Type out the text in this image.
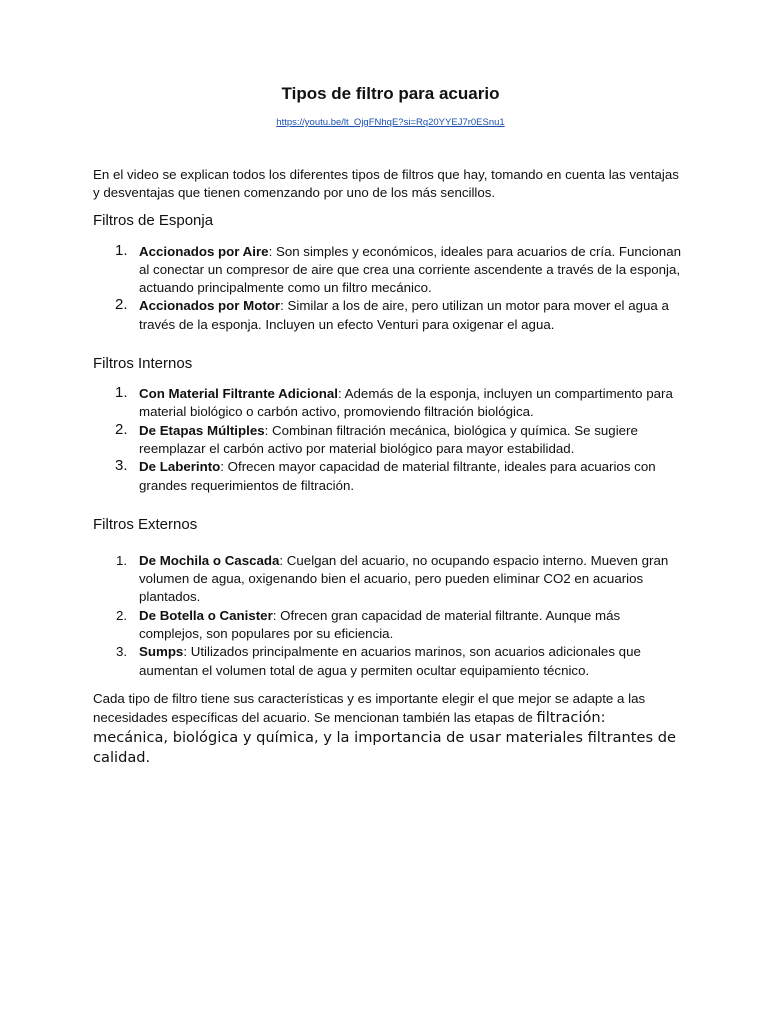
Tipos de filtro para acuario
https://youtu.be/lt_OjgFNhqE?si=Rq20YYEJ7r0ESnu1

En el video se explican todos los diferentes tipos de filtros que hay, tomando en cuenta las ventajas y desventajas que tienen comenzando por uno de los más sencillos.

Filtros de Esponja
1. Accionados por Aire: Son simples y económicos, ideales para acuarios de cría. Funcionan al conectar un compresor de aire que crea una corriente ascendente a través de la esponja, actuando principalmente como un filtro mecánico.
2. Accionados por Motor: Similar a los de aire, pero utilizan un motor para mover el agua a través de la esponja. Incluyen un efecto Venturi para oxigenar el agua.
Filtros Internos
1. Con Material Filtrante Adicional: Además de la esponja, incluyen un compartimento para material biológico o carbón activo, promoviendo filtración biológica.
2. De Etapas Múltiples: Combinan filtración mecánica, biológica y química. Se sugiere reemplazar el carbón activo por material biológico para mayor estabilidad.
3. De Laberinto: Ofrecen mayor capacidad de material filtrante, ideales para acuarios con grandes requerimientos de filtración.
Filtros Externos
1. De Mochila o Cascada: Cuelgan del acuario, no ocupando espacio interno. Mueven gran volumen de agua, oxigenando bien el acuario, pero pueden eliminar CO2 en acuarios plantados.
2. De Botella o Canister: Ofrecen gran capacidad de material filtrante. Aunque más complejos, son populares por su eficiencia.
3. Sumps: Utilizados principalmente en acuarios marinos, son acuarios adicionales que aumentan el volumen total de agua y permiten ocultar equipamiento técnico.

Cada tipo de filtro tiene sus características y es importante elegir el que mejor se adapte a las necesidades específicas del acuario. Se mencionan también las etapas de filtración: mecánica, biológica y química, y la importancia de usar materiales filtrantes de calidad.
